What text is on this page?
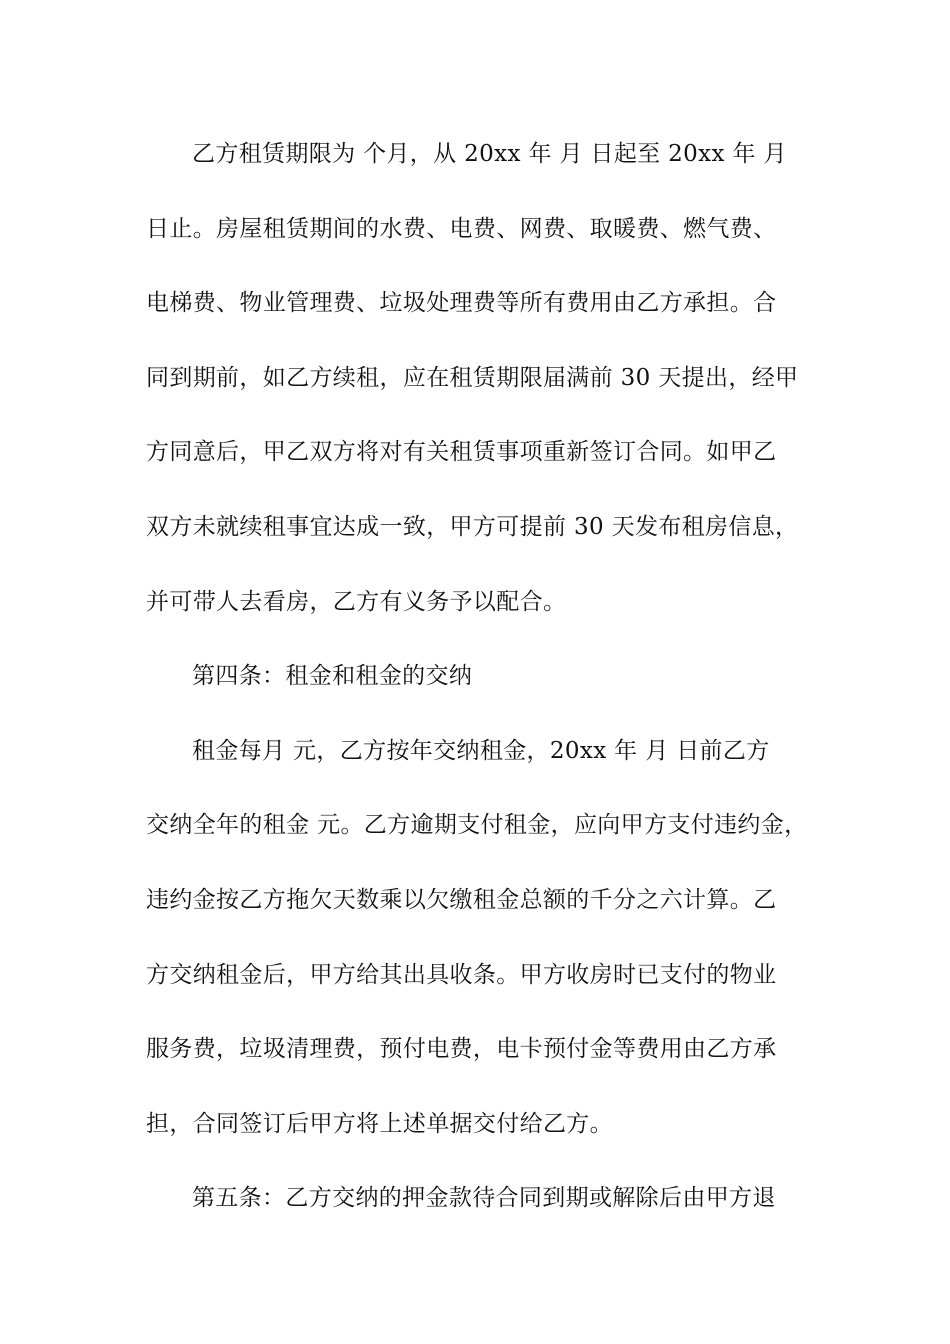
乙方租赁期限为 个月，从 20xx 年 月 日起至 20xx 年 月
日止。房屋租赁期间的水费、电费、网费、取暖费、燃气费、
电梯费、物业管理费、垃圾处理费等所有费用由乙方承担。合
同到期前，如乙方续租，应在租赁期限届满前 30 天提出，经甲
方同意后，甲乙双方将对有关租赁事项重新签订合同。如甲乙
双方未就续租事宜达成一致，甲方可提前 30 天发布租房信息，
并可带人去看房，乙方有义务予以配合。
第四条：租金和租金的交纳
租金每月 元，乙方按年交纳租金，20xx 年 月 日前乙方
交纳全年的租金 元。乙方逾期支付租金，应向甲方支付违约金，
违约金按乙方拖欠天数乘以欠缴租金总额的千分之六计算。乙
方交纳租金后，甲方给其出具收条。甲方收房时已支付的物业
服务费，垃圾清理费，预付电费，电卡预付金等费用由乙方承
担，合同签订后甲方将上述单据交付给乙方。
第五条：乙方交纳的押金款待合同到期或解除后由甲方退
